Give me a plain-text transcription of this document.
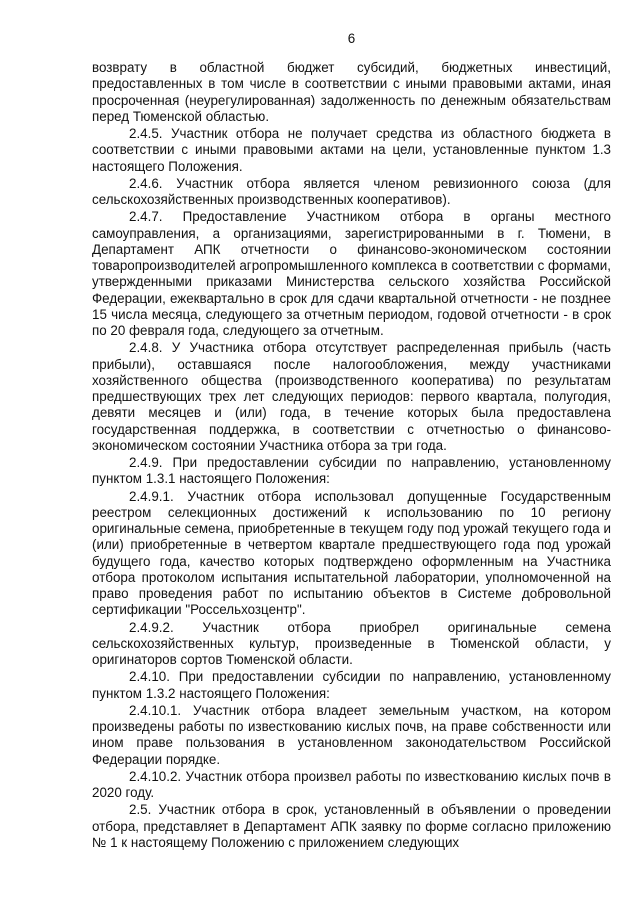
6

возврату в областной бюджет субсидий, бюджетных инвестиций, предоставленных в том числе в соответствии с иными правовыми актами, иная просроченная (неурегулированная) задолженность по денежным обязательствам перед Тюменской областью.

2.4.5. Участник отбора не получает средства из областного бюджета в соответствии с иными правовыми актами на цели, установленные пунктом 1.3 настоящего Положения.

2.4.6. Участник отбора является членом ревизионного союза (для сельскохозяйственных производственных кооперативов).

2.4.7. Предоставление Участником отбора в органы местного самоуправления, а организациями, зарегистрированными в г. Тюмени, в Департамент АПК отчетности о финансово-экономическом состоянии товаропроизводителей агропромышленного комплекса в соответствии с формами, утвержденными приказами Министерства сельского хозяйства Российской Федерации, ежеквартально в срок для сдачи квартальной отчетности - не позднее 15 числа месяца, следующего за отчетным периодом, годовой отчетности - в срок по 20 февраля года, следующего за отчетным.

2.4.8. У Участника отбора отсутствует распределенная прибыль (часть прибыли), оставшаяся после налогообложения, между участниками хозяйственного общества (производственного кооператива) по результатам предшествующих трех лет следующих периодов: первого квартала, полугодия, девяти месяцев и (или) года, в течение которых была предоставлена государственная поддержка, в соответствии с отчетностью о финансово-экономическом состоянии Участника отбора за три года.

2.4.9. При предоставлении субсидии по направлению, установленному пунктом 1.3.1 настоящего Положения:

2.4.9.1. Участник отбора использовал допущенные Государственным реестром селекционных достижений к использованию по 10 региону оригинальные семена, приобретенные в текущем году под урожай текущего года и (или) приобретенные в четвертом квартале предшествующего года под урожай будущего года, качество которых подтверждено оформленным на Участника отбора протоколом испытания испытательной лаборатории, уполномоченной на право проведения работ по испытанию объектов в Системе добровольной сертификации "Россельхозцентр".

2.4.9.2. Участник отбора приобрел оригинальные семена сельскохозяйственных культур, произведенные в Тюменской области, у оригинаторов сортов Тюменской области.

2.4.10. При предоставлении субсидии по направлению, установленному пунктом 1.3.2 настоящего Положения:

2.4.10.1. Участник отбора владеет земельным участком, на котором произведены работы по известкованию кислых почв, на праве собственности или ином праве пользования в установленном законодательством Российской Федерации порядке.

2.4.10.2. Участник отбора произвел работы по известкованию кислых почв в 2020 году.

2.5. Участник отбора в срок, установленный в объявлении о проведении отбора, представляет в Департамент АПК заявку по форме согласно приложению № 1 к настоящему Положению с приложением следующих
